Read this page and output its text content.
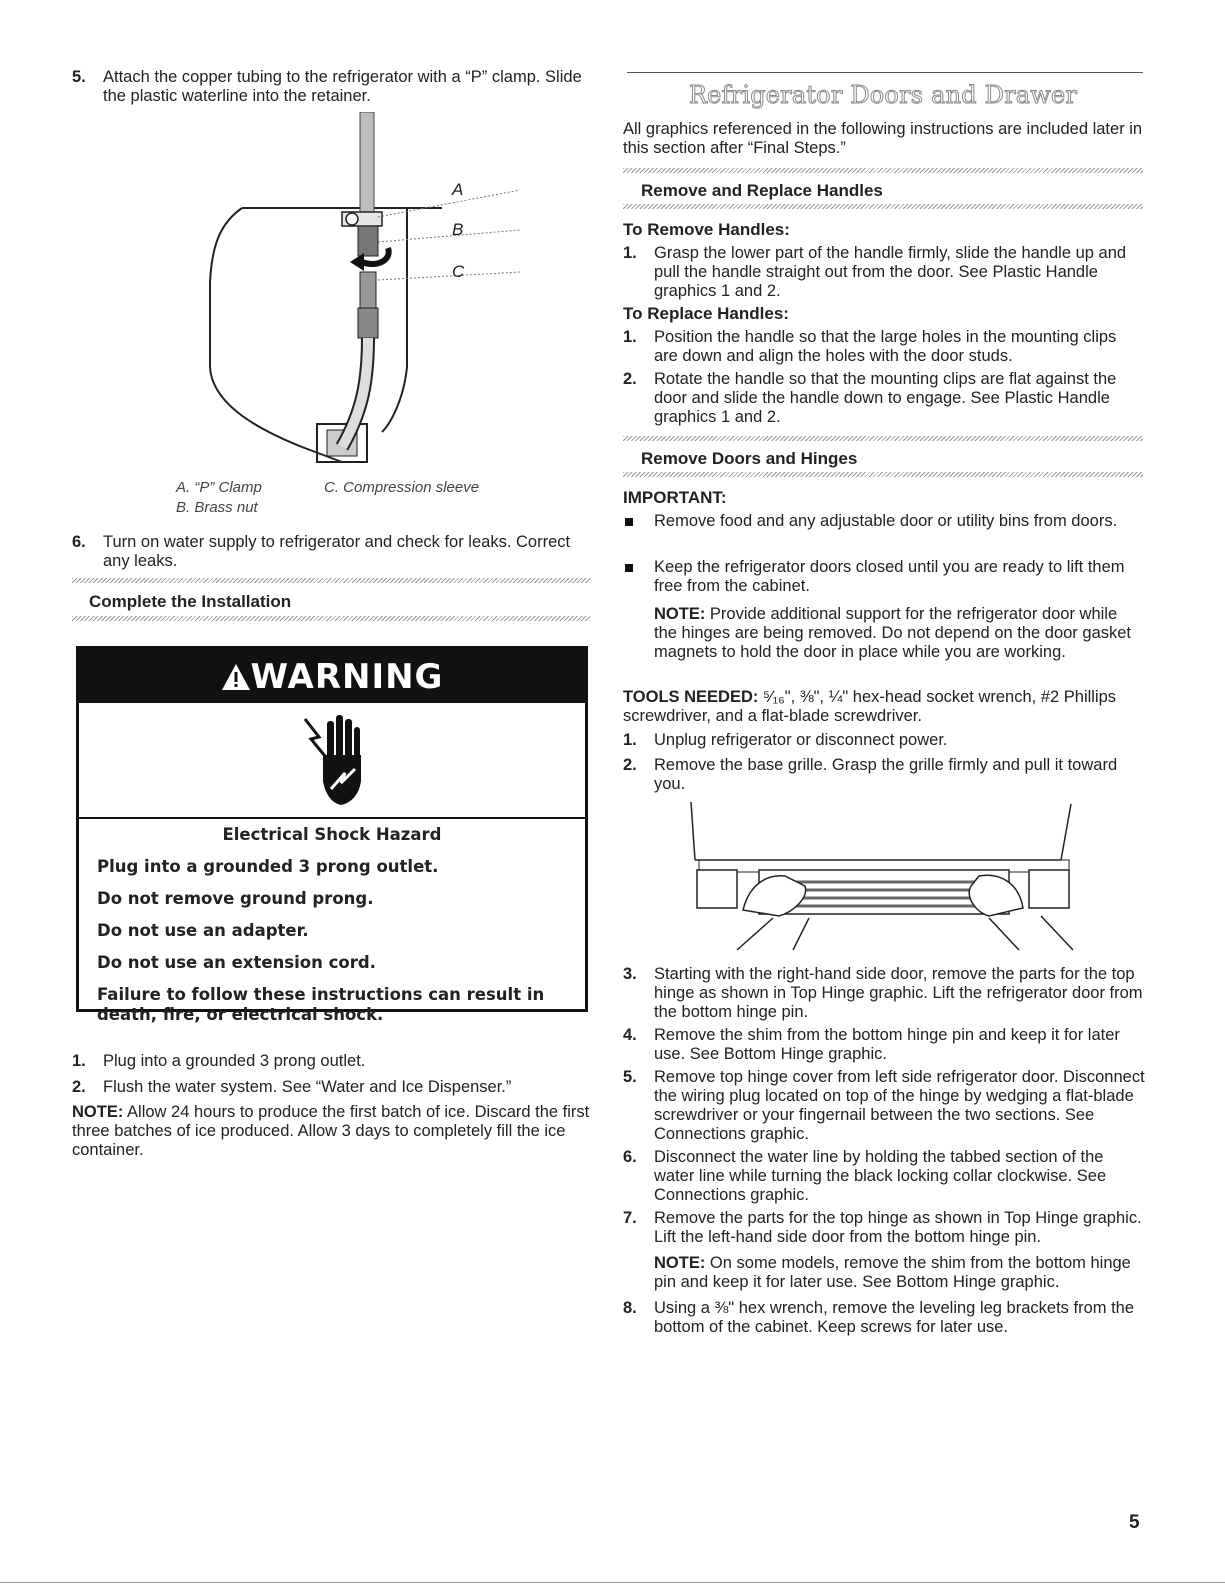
5. Attach the copper tubing to the refrigerator with a “P” clamp. Slide the plastic waterline into the retainer.
A
B
C
A. “P” Clamp
B. Brass nut
C. Compression sleeve
6. Turn on water supply to refrigerator and check for leaks. Correct any leaks.
Complete the Installation
WARNING
Electrical Shock Hazard
Plug into a grounded 3 prong outlet.
Do not remove ground prong.
Do not use an adapter.
Do not use an extension cord.
Failure to follow these instructions can result in death, fire, or electrical shock.
1. Plug into a grounded 3 prong outlet.
2. Flush the water system. See “Water and Ice Dispenser.”
NOTE: Allow 24 hours to produce the first batch of ice. Discard the first three batches of ice produced. Allow 3 days to completely fill the ice container.
Refrigerator Doors and Drawer
All graphics referenced in the following instructions are included later in this section after “Final Steps.”
Remove and Replace Handles
To Remove Handles:
1. Grasp the lower part of the handle firmly, slide the handle up and pull the handle straight out from the door. See Plastic Handle graphics 1 and 2.
To Replace Handles:
1. Position the handle so that the large holes in the mounting clips are down and align the holes with the door studs.
2. Rotate the handle so that the mounting clips are flat against the door and slide the handle down to engage. See Plastic Handle graphics 1 and 2.
Remove Doors and Hinges
IMPORTANT:
Remove food and any adjustable door or utility bins from doors.
Keep the refrigerator doors closed until you are ready to lift them free from the cabinet.
NOTE: Provide additional support for the refrigerator door while the hinges are being removed. Do not depend on the door gasket magnets to hold the door in place while you are working.
TOOLS NEEDED: ⁵⁄₁₆", ⅜", ¼" hex-head socket wrench, #2 Phillips screwdriver, and a flat-blade screwdriver.
1. Unplug refrigerator or disconnect power.
2. Remove the base grille. Grasp the grille firmly and pull it toward you.
3. Starting with the right-hand side door, remove the parts for the top hinge as shown in Top Hinge graphic. Lift the refrigerator door from the bottom hinge pin.
4. Remove the shim from the bottom hinge pin and keep it for later use. See Bottom Hinge graphic.
5. Remove top hinge cover from left side refrigerator door. Disconnect the wiring plug located on top of the hinge by wedging a flat-blade screwdriver or your fingernail between the two sections. See Connections graphic.
6. Disconnect the water line by holding the tabbed section of the water line while turning the black locking collar clockwise. See Connections graphic.
7. Remove the parts for the top hinge as shown in Top Hinge graphic. Lift the left-hand side door from the bottom hinge pin.
NOTE: On some models, remove the shim from the bottom hinge pin and keep it for later use. See Bottom Hinge graphic.
8. Using a ⅜" hex wrench, remove the leveling leg brackets from the bottom of the cabinet. Keep screws for later use.
5
